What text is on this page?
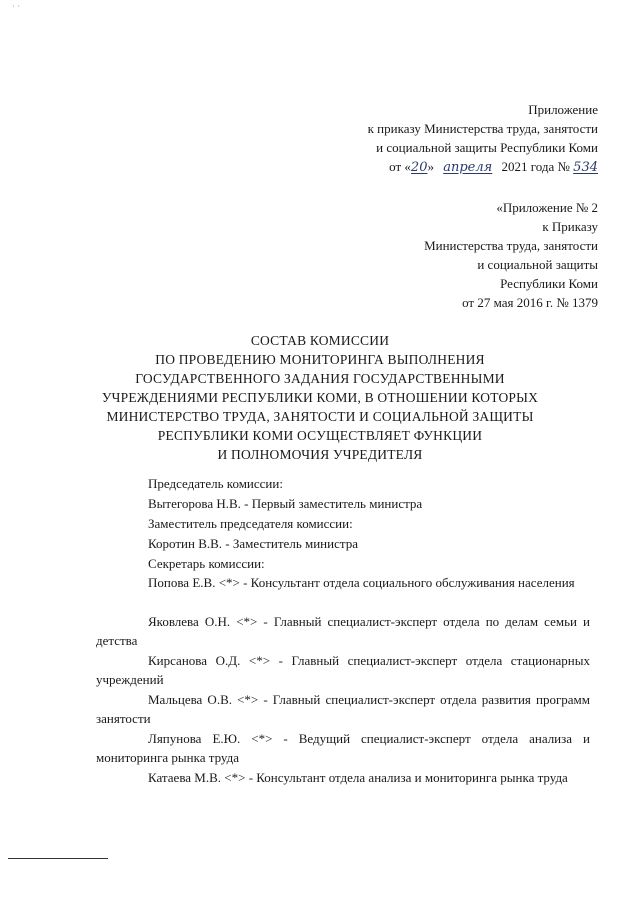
Приложение
к приказу Министерства труда, занятости
и социальной защиты Республики Коми
от «20» апреля 2021 года № 534
«Приложение № 2
к Приказу
Министерства труда, занятости
и социальной защиты
Республики Коми
от 27 мая 2016 г. № 1379
СОСТАВ КОМИССИИ
ПО ПРОВЕДЕНИЮ МОНИТОРИНГА ВЫПОЛНЕНИЯ
ГОСУДАРСТВЕННОГО ЗАДАНИЯ ГОСУДАРСТВЕННЫМИ
УЧРЕЖДЕНИЯМИ РЕСПУБЛИКИ КОМИ, В ОТНОШЕНИИ КОТОРЫХ
МИНИСТЕРСТВО ТРУДА, ЗАНЯТОСТИ И СОЦИАЛЬНОЙ ЗАЩИТЫ
РЕСПУБЛИКИ КОМИ ОСУЩЕСТВЛЯЕТ ФУНКЦИИ
И ПОЛНОМОЧИЯ УЧРЕДИТЕЛЯ
Председатель комиссии:
Вытегорова Н.В. - Первый заместитель министра
Заместитель председателя комиссии:
Коротин В.В. - Заместитель министра
Секретарь комиссии:
Попова Е.В. <*> - Консультант отдела социального обслуживания населения
Яковлева О.Н. <*> - Главный специалист-эксперт отдела по делам семьи и детства
Кирсанова О.Д. <*> - Главный специалист-эксперт отдела стационарных учреждений
Мальцева О.В. <*> - Главный специалист-эксперт отдела развития программ занятости
Ляпунова Е.Ю. <*> - Ведущий специалист-эксперт отдела анализа и мониторинга рынка труда
Катаева М.В. <*> - Консультант отдела анализа и мониторинга рынка труда
˙ ˙
